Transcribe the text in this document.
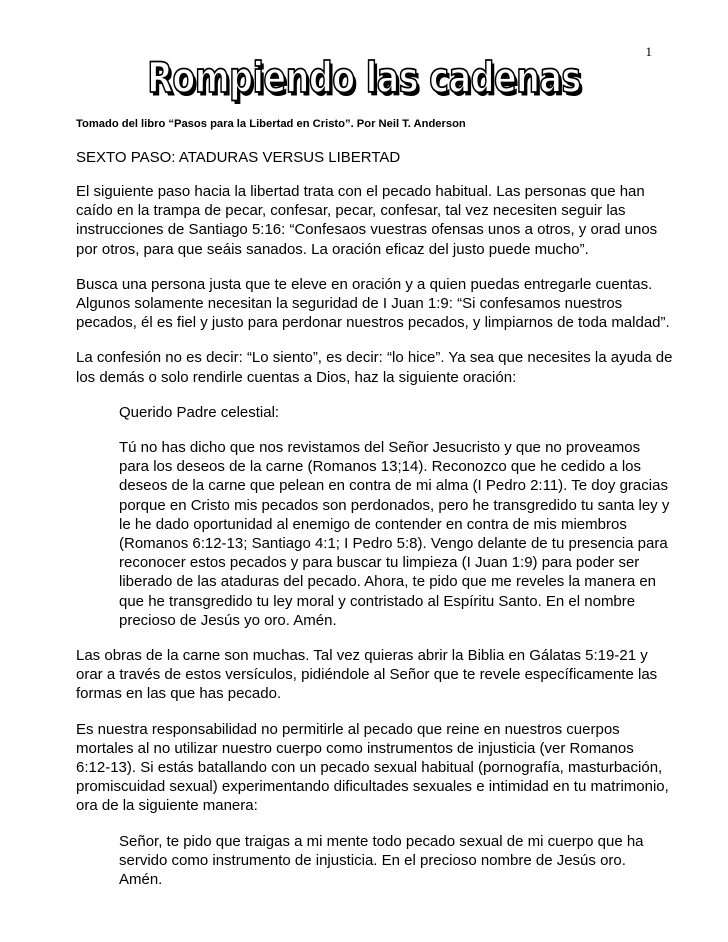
1
Rompiendo las cadenas
Tomado del libro “Pasos para la Libertad en Cristo”. Por Neil T. Anderson
SEXTO PASO: ATADURAS VERSUS LIBERTAD
El siguiente paso hacia la libertad trata con el pecado habitual. Las personas que han
caído en la trampa de pecar, confesar, pecar, confesar, tal vez necesiten seguir las
instrucciones de Santiago 5:16: “Confesaos vuestras ofensas unos a otros, y orad unos
por otros, para que seáis sanados. La oración eficaz del justo puede mucho”.
Busca una persona justa que te eleve en oración y a quien puedas entregarle cuentas.
Algunos solamente necesitan la seguridad de I Juan 1:9: “Si confesamos nuestros
pecados, él es fiel y justo para perdonar nuestros pecados, y limpiarnos de toda maldad”.
La confesión no es decir: “Lo siento”, es decir: “lo hice”. Ya sea que necesites la ayuda de
los demás o solo rendirle cuentas a Dios, haz la siguiente oración:
Querido Padre celestial:
Tú no has dicho que nos revistamos del Señor Jesucristo y que no proveamos
para los deseos de la carne (Romanos 13;14). Reconozco que he cedido a los
deseos de la carne que pelean en contra de mi alma (I Pedro 2:11). Te doy gracias
porque en Cristo mis pecados son perdonados, pero he transgredido tu santa ley y
le he dado oportunidad al enemigo de contender en contra de mis miembros
(Romanos 6:12-13; Santiago 4:1; I Pedro 5:8). Vengo delante de tu presencia para
reconocer estos pecados y para buscar tu limpieza (I Juan 1:9) para poder ser
liberado de las ataduras del pecado. Ahora, te pido que me reveles la manera en
que he transgredido tu ley moral y contristado al Espíritu Santo. En el nombre
precioso de Jesús yo oro. Amén.
Las obras de la carne son muchas. Tal vez quieras abrir la Biblia en Gálatas 5:19-21 y
orar a través de estos versículos, pidiéndole al Señor que te revele específicamente las
formas en las que has pecado.
Es nuestra responsabilidad no permitirle al pecado que reine en nuestros cuerpos
mortales al no utilizar nuestro cuerpo como instrumentos de injusticia (ver Romanos
6:12-13). Si estás batallando con un pecado sexual habitual (pornografía, masturbación,
promiscuidad sexual) experimentando dificultades sexuales e intimidad en tu matrimonio,
ora de la siguiente manera:
Señor, te pido que traigas a mi mente todo pecado sexual de mi cuerpo que ha
servido como instrumento de injusticia. En el precioso nombre de Jesús oro.
Amén.
